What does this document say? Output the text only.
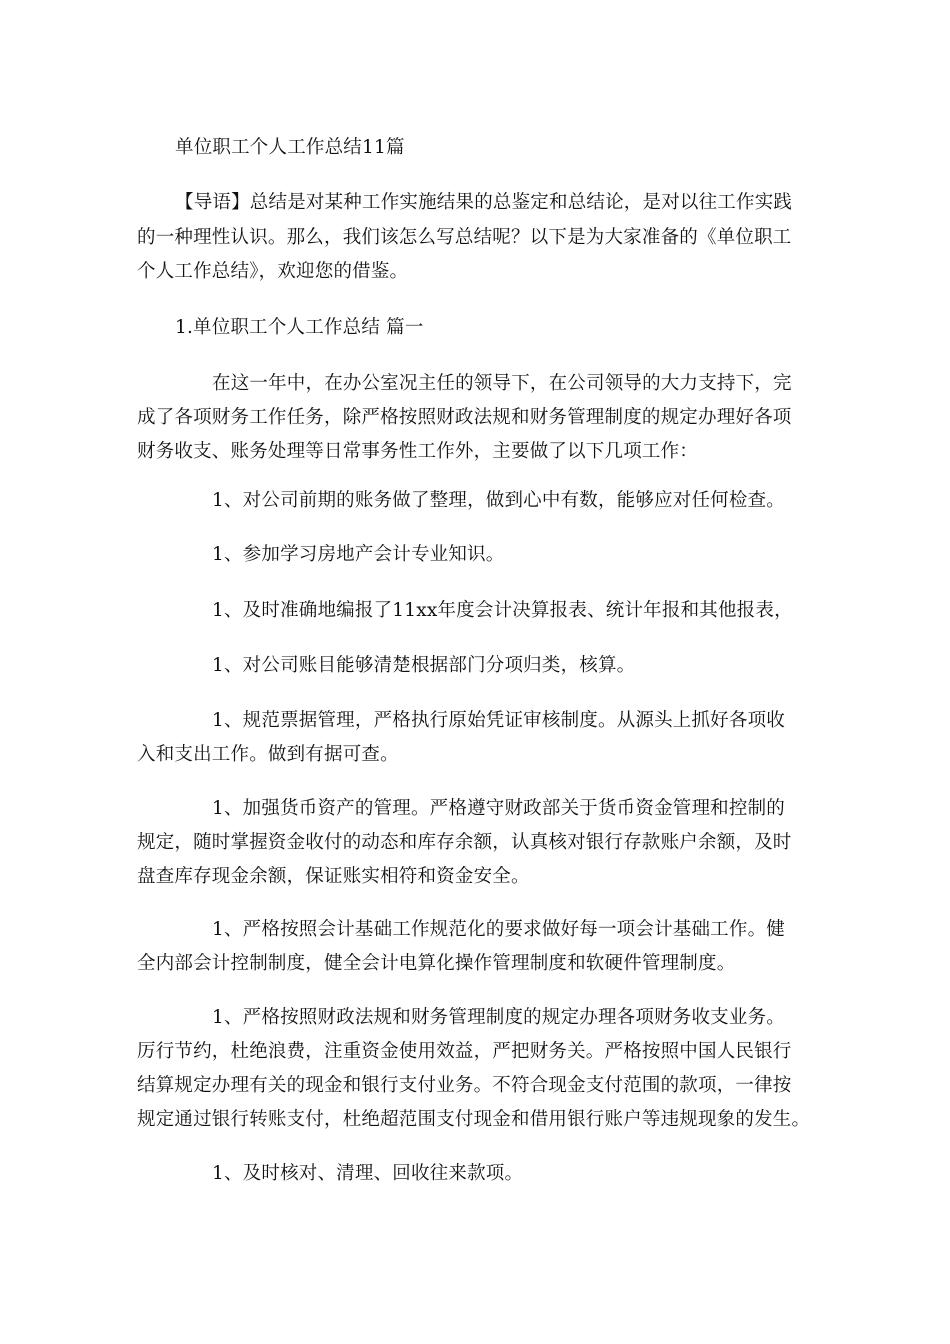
单位职工个人工作总结11篇
【导语】总结是对某种工作实施结果的总鉴定和总结论，是对以往工作实践
的一种理性认识。那么，我们该怎么写总结呢？以下是为大家准备的《单位职工
个人工作总结》，欢迎您的借鉴。
1.单位职工个人工作总结 篇一
在这一年中，在办公室况主任的领导下，在公司领导的大力支持下，完
成了各项财务工作任务，除严格按照财政法规和财务管理制度的规定办理好各项
财务收支、账务处理等日常事务性工作外，主要做了以下几项工作：
1、对公司前期的账务做了整理，做到心中有数，能够应对任何检查。
1、参加学习房地产会计专业知识。
1、及时准确地编报了11xx年度会计决算报表、统计年报和其他报表，
1、对公司账目能够清楚根据部门分项归类，核算。
1、规范票据管理，严格执行原始凭证审核制度。从源头上抓好各项收
入和支出工作。做到有据可查。
1、加强货币资产的管理。严格遵守财政部关于货币资金管理和控制的
规定，随时掌握资金收付的动态和库存余额，认真核对银行存款账户余额，及时
盘查库存现金余额，保证账实相符和资金安全。
1、严格按照会计基础工作规范化的要求做好每一项会计基础工作。健
全内部会计控制制度，健全会计电算化操作管理制度和软硬件管理制度。
1、严格按照财政法规和财务管理制度的规定办理各项财务收支业务。
厉行节约，杜绝浪费，注重资金使用效益，严把财务关。严格按照中国人民银行
结算规定办理有关的现金和银行支付业务。不符合现金支付范围的款项，一律按
规定通过银行转账支付，杜绝超范围支付现金和借用银行账户等违规现象的发生。
1、及时核对、清理、回收往来款项。
